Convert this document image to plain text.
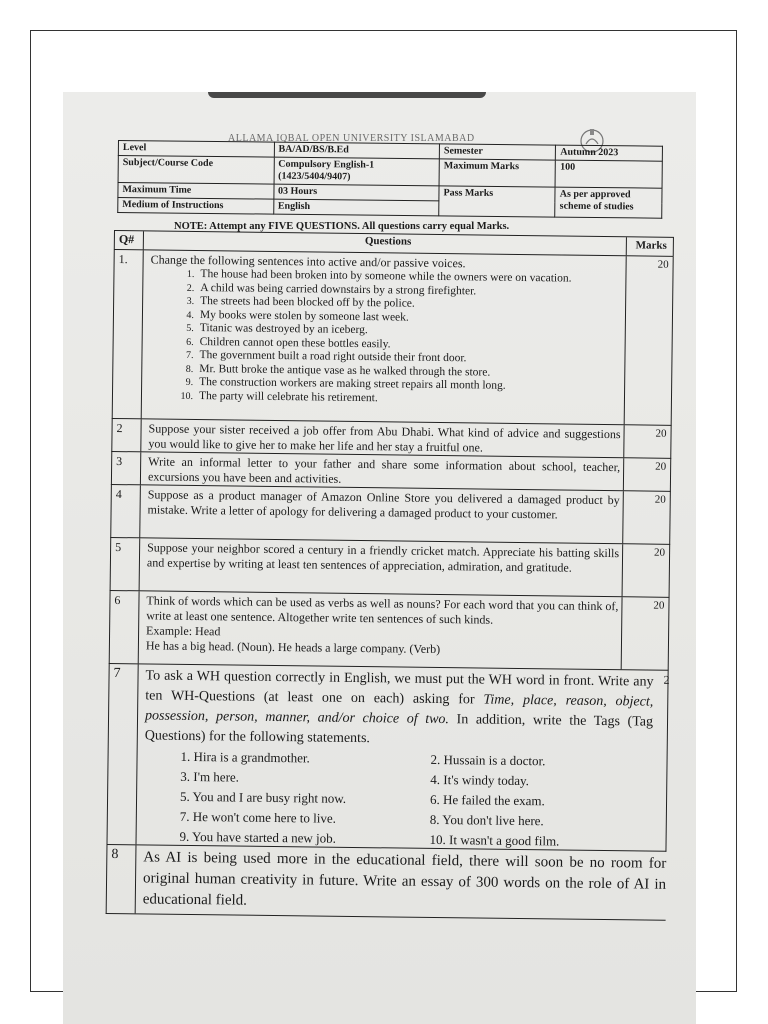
ALLAMA IQBAL OPEN UNIVERSITY ISLAMABAD
Level	BA/AD/BS/B.Ed	Semester	Autumn 2023
Subject/Course Code	Compulsory English-1 (1423/5404/9407)	Maximum Marks	100
Maximum Time	03 Hours	Pass Marks	As per approved scheme of studies
Medium of Instructions	English		
NOTE: Attempt any FIVE QUESTIONS. All questions carry equal Marks.
Q#	Questions	Marks
1. Change the following sentences into active and/or passive voices.
1. The house had been broken into by someone while the owners were on vacation.
2. A child was being carried downstairs by a strong firefighter.
3. The streets had been blocked off by the police.
4. My books were stolen by someone last week.
5. Titanic was destroyed by an iceberg.
6. Children cannot open these bottles easily.
7. The government built a road right outside their front door.
8. Mr. Butt broke the antique vase as he walked through the store.
9. The construction workers are making street repairs all month long.
10. The party will celebrate his retirement.
20
2 Suppose your sister received a job offer from Abu Dhabi. What kind of advice and suggestions you would like to give her to make her life and her stay a fruitful one.
20
3 Write an informal letter to your father and share some information about school, teacher, excursions you have been and activities.
20
4 Suppose as a product manager of Amazon Online Store you delivered a damaged product by mistake. Write a letter of apology for delivering a damaged product to your customer.
20
5 Suppose your neighbor scored a century in a friendly cricket match. Appreciate his batting skills and expertise by writing at least ten sentences of appreciation, admiration, and gratitude.
20
6 Think of words which can be used as verbs as well as nouns? For each word that you can think of, write at least one sentence. Altogether write ten sentences of such kinds.
Example: Head
He has a big head. (Noun). He heads a large company. (Verb)
20
7 To ask a WH question correctly in English, we must put the WH word in front. Write any ten WH-Questions (at least one on each) asking for Time, place, reason, object, possession, person, manner, and/or choice of two. In addition, write the Tags (Tag Questions) for the following statements.
1. Hira is a grandmother.	2. Hussain is a doctor.
3. I'm here.	4. It's windy today.
5. You and I are busy right now.	6. He failed the exam.
7. He won't come here to live.	8. You don't live here.
9. You have started a new job.	10. It wasn't a good film.
2
8 As AI is being used more in the educational field, there will soon be no room for original human creativity in future. Write an essay of 300 words on the role of AI in educational field.
